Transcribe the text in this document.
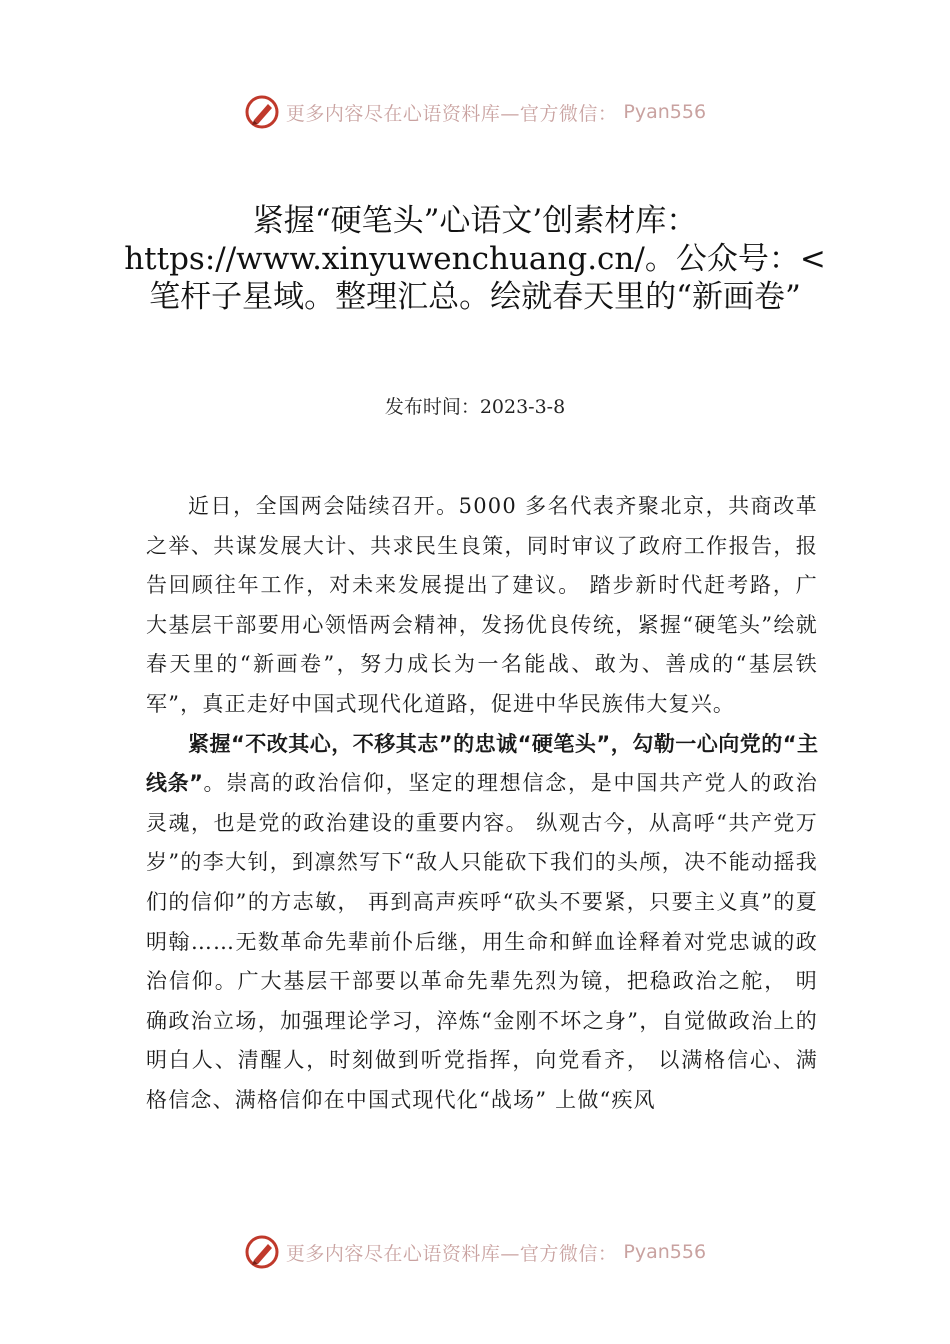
更多内容尽在心语资料库—官方微信： Pyan556
紧握“硬笔头”心语文’创素材库：https://www.xinyuwenchuang.cn/。公众号：<笔杆子星域。整理汇总。绘就春天里的“新画卷”
发布时间：2023-3-8

近日，全国两会陆续召开。5000 多名代表齐聚北京，共商改革之举、共谋发展大计、共求民生良策，同时审议了政府工作报告，报告回顾往年工作，对未来发展提出了建议。 踏步新时代赶考路，广大基层干部要用心领悟两会精神，发扬优良传统，紧握“硬笔头”绘就春天里的“新画卷”，努力成长为一名能战、敢为、善成的“基层铁军”，真正走好中国式现代化道路，促进中华民族伟大复兴。

紧握“不改其心，不移其志”的忠诚“硬笔头”，勾勒一心向党的“主线条”。崇高的政治信仰，坚定的理想信念，是中国共产党人的政治灵魂，也是党的政治建设的重要内容。 纵观古今，从高呼“共产党万岁”的李大钊，到凛然写下“敌人只能砍下我们的头颅，决不能动摇我们的信仰”的方志敏， 再到高声疾呼“砍头不要紧，只要主义真”的夏明翰……无数革命先辈前仆后继，用生命和鲜血诠释着对党忠诚的政治信仰。广大基层干部要以革命先辈先烈为镜，把稳政治之舵， 明确政治立场，加强理论学习，淬炼“金刚不坏之身”，自觉做政治上的明白人、清醒人，时刻做到听党指挥，向党看齐， 以满格信心、满格信念、满格信仰在中国式现代化“战场” 上做“疾风

更多内容尽在心语资料库—官方微信： Pyan556
